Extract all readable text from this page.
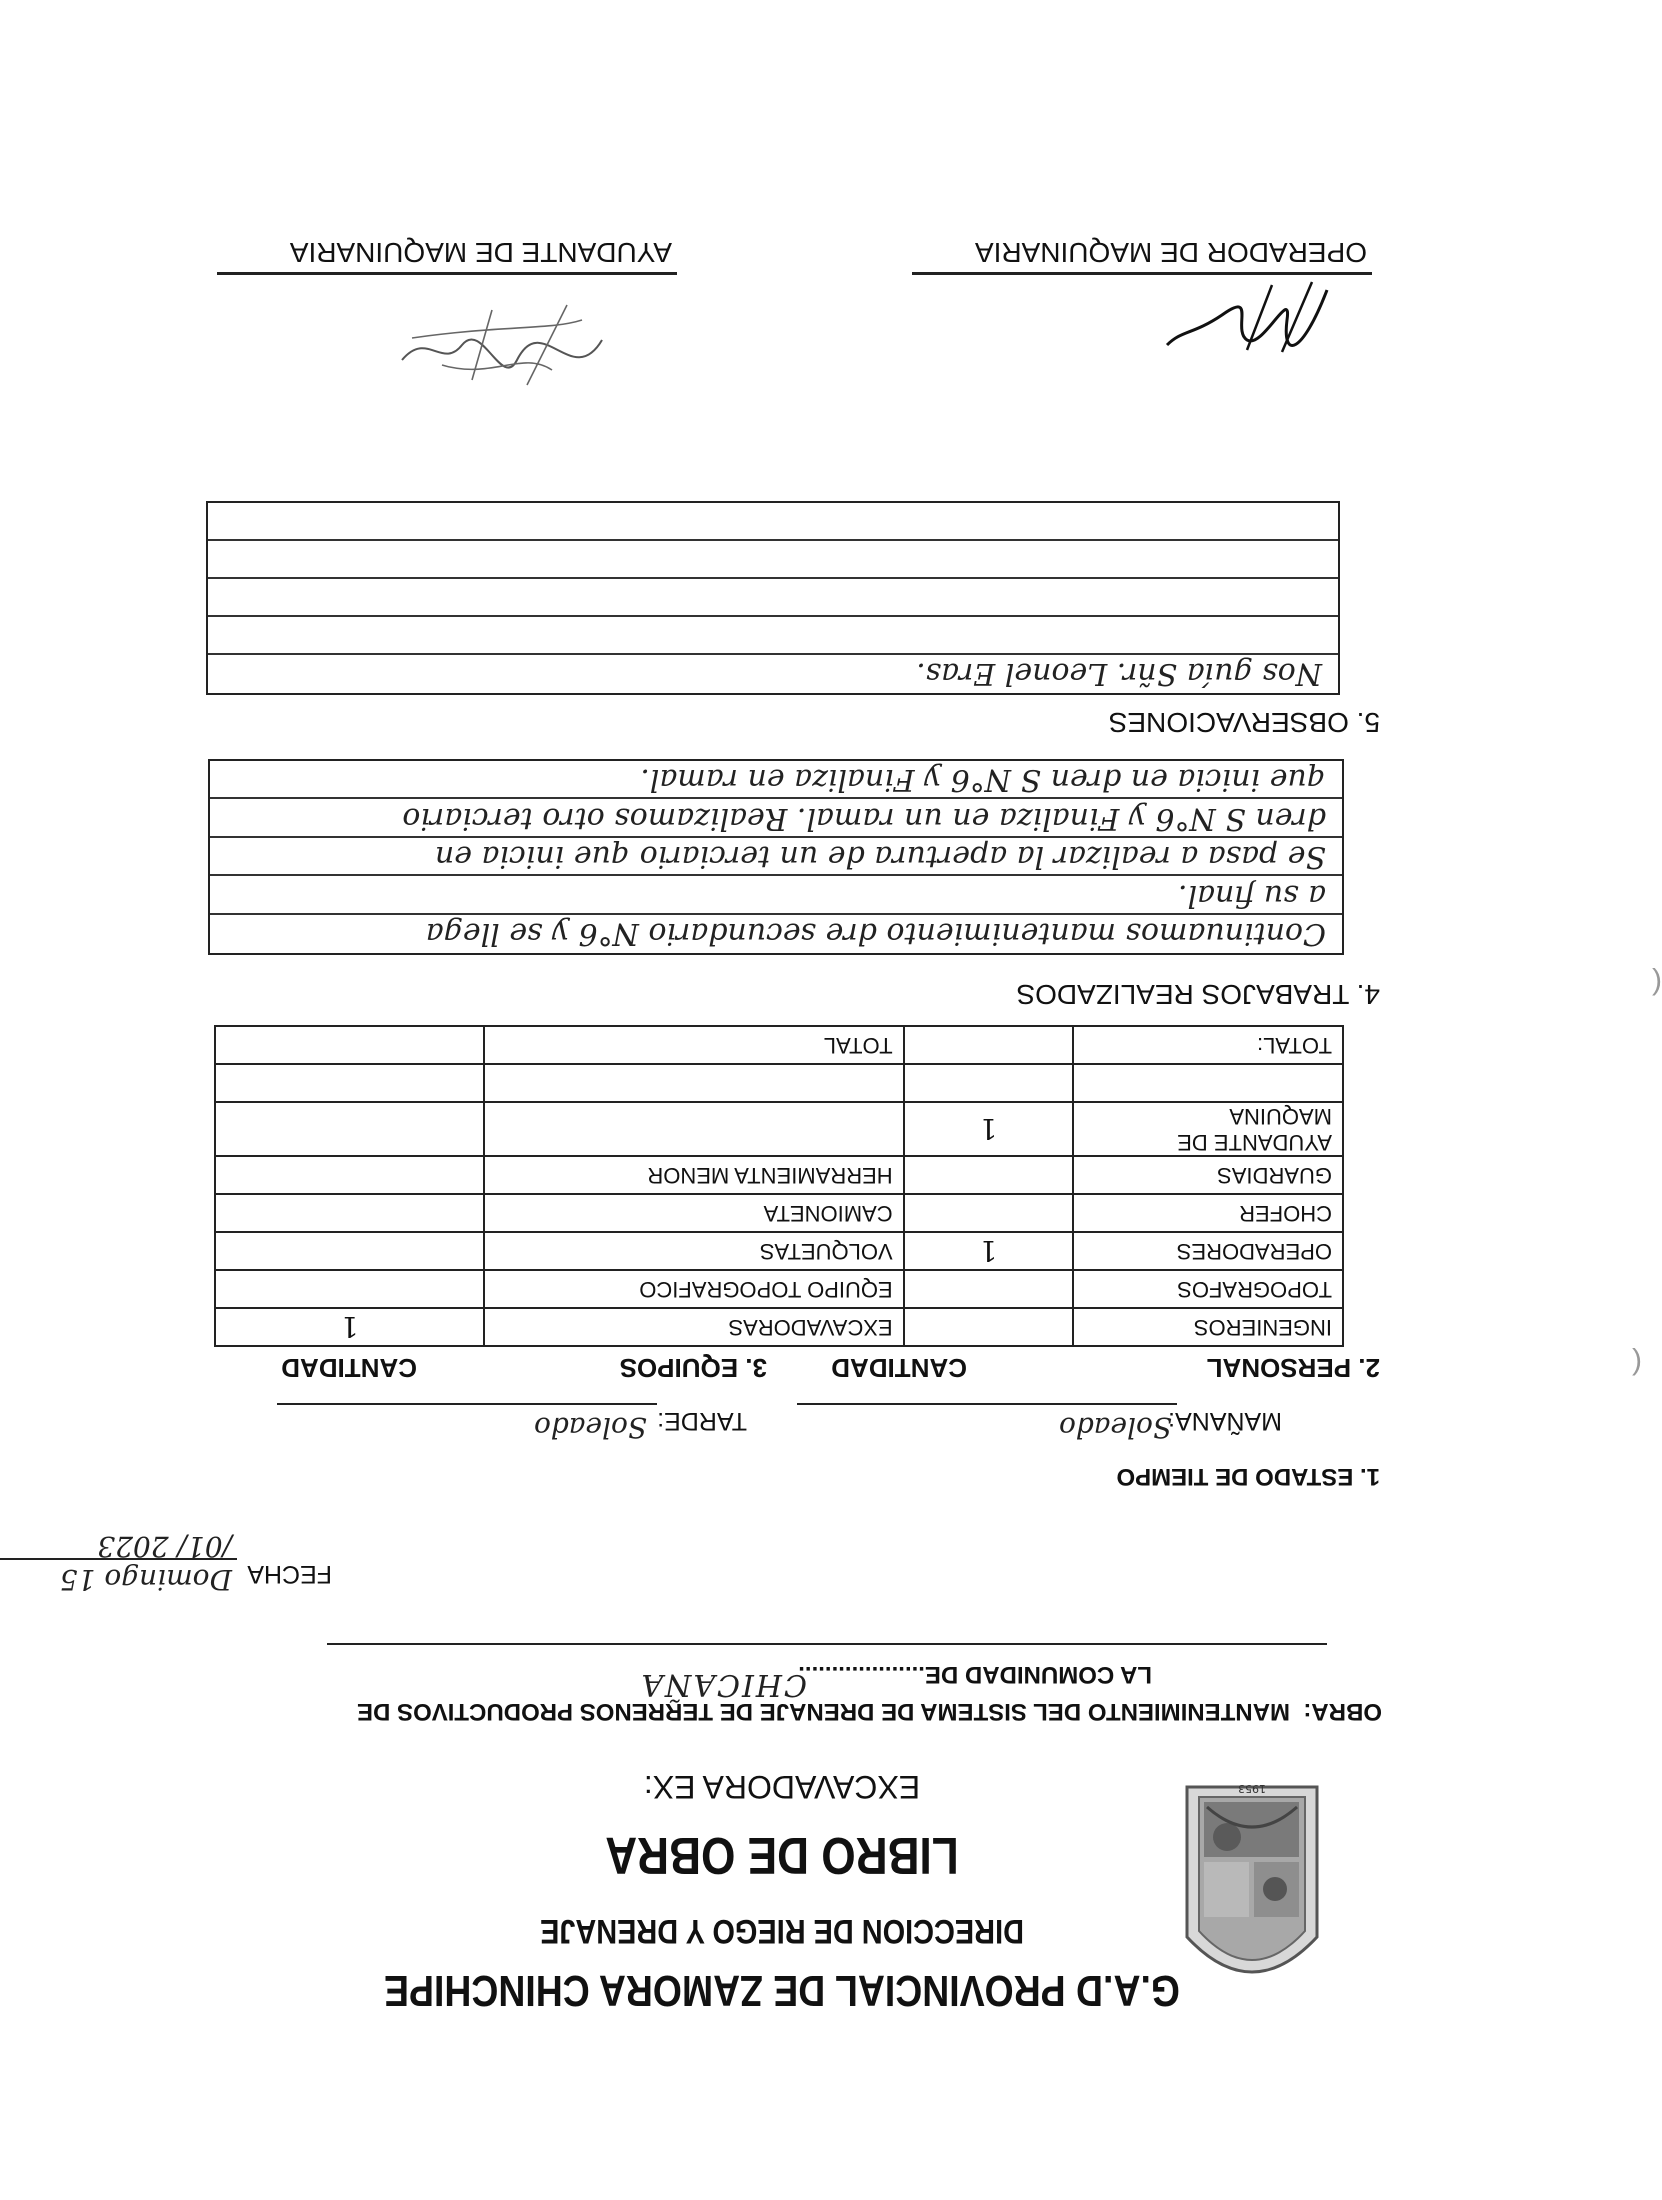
1953
G.A.D PROVINCIAL DE ZAMORA CHINCHIPE
DIRECCION DE RIEGO Y DRENAJE
LIBRO DE OBRA
EXCAVADORA EX:
OBRA:  MANTENIMIENTO DEL SISTEMA DE DRENAJE DE TERRENOS PRODUCTIVOS DE
LA COMUNIDAD DE...................
CHICAÑA
FECHA
Domingo 15 /01/ 2023
1. ESTADO DE TIEMPO
MAÑANA:
Soleado
TARDE:
Soleado
2. PERSONAL
CANTIDAD
3. EQUIPOS
CANTIDAD
INGENIEROS		EXCAVADORAS	1
TOPOGRAFOS		EQUIPO TOPOGRAFICO	
OPERADORES	1	VOLQUETAS	
CHOFER		CAMIONETA	
GUARDIAS		HERRAMIENTA MENOR	
AYUDANTE DE MAQUINA	1		

TOTAL:		TOTAL	
4. TRABAJOS REALIZADOS
Continuamos mantenimiento dre secundario N°6 y se llega
a su final.
Se pasa a realizar la apertura de un terciario que inicia en
dren S N°6 y Finaliza en un ramal. Realizamos otro terciario
que inicia en dren S N°6 y Finaliza en ramal.
5. OBSERVACIONES
Nos guía Sñr. Leonel Eras.
OPERADOR DE MAQUINARIA
AYUDANTE DE MAQUINARIA
(
(
